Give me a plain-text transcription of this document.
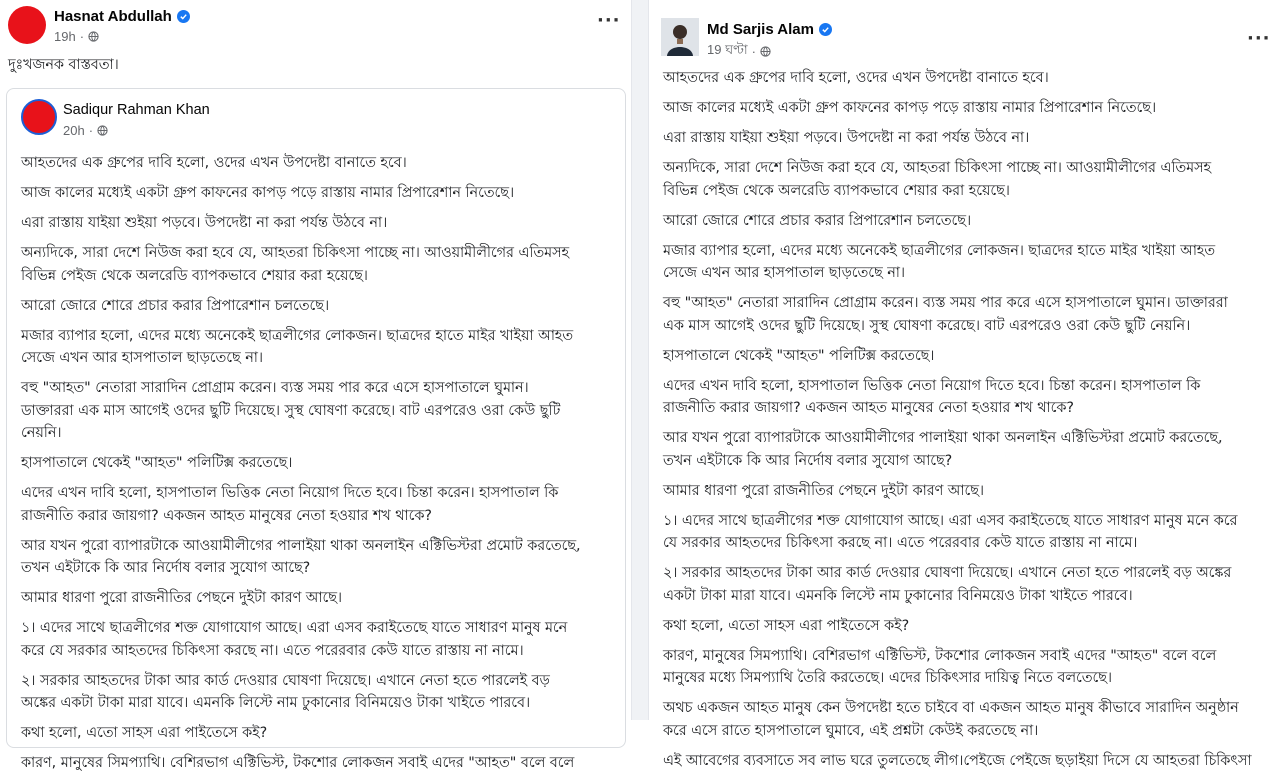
Hasnat Abdullah
19h ·
···

দুঃখজনক বাস্তবতা।

Sadiqur Rahman Khan
20h ·

আহতদের এক গ্রুপের দাবি হলো, ওদের এখন উপদেষ্টা বানাতে হবে।

আজ কালের মধ্যেই একটা গ্রুপ কাফনের কাপড় পড়ে রাস্তায় নামার প্রিপারেশান নিতেছে।

এরা রাস্তায় যাইয়া শুইয়া পড়বে। উপদেষ্টা না করা পর্যন্ত উঠবে না।

অন্যদিকে, সারা দেশে নিউজ করা হবে যে, আহতরা চিকিৎসা পাচ্ছে না। আওয়ামীলীগের এতিমসহ
বিভিন্ন পেইজ থেকে অলরেডি ব্যাপকভাবে শেয়ার করা হয়েছে।

আরো জোরে শোরে প্রচার করার প্রিপারেশান চলতেছে।

মজার ব্যাপার হলো, এদের মধ্যে অনেকেই ছাত্রলীগের লোকজন। ছাত্রদের হাতে মাইর খাইয়া আহত
সেজে এখন আর হাসপাতাল ছাড়তেছে না।

বহু "আহত" নেতারা সারাদিন প্রোগ্রাম করেন। ব্যস্ত সময় পার করে এসে হাসপাতালে ঘুমান।
ডাক্তাররা এক মাস আগেই ওদের ছুটি দিয়েছে। সুস্থ ঘোষণা করেছে। বাট এরপরেও ওরা কেউ ছুটি
নেয়নি।

হাসপাতালে থেকেই "আহত" পলিটিক্স করতেছে।

এদের এখন দাবি হলো, হাসপাতাল ভিত্তিক নেতা নিয়োগ দিতে হবে। চিন্তা করেন। হাসপাতাল কি
রাজনীতি করার জায়গা? একজন আহত মানুষের নেতা হওয়ার শখ থাকে?

আর যখন পুরো ব্যাপারটাকে আওয়ামীলীগের পালাইয়া থাকা অনলাইন এক্টিভিস্টরা প্রমোট করতেছে,
তখন এইটাকে কি আর নির্দোষ বলার সুযোগ আছে?

আমার ধারণা পুরো রাজনীতির পেছনে দুইটা কারণ আছে।

১। এদের সাথে ছাত্রলীগের শক্ত যোগাযোগ আছে। এরা এসব করাইতেছে যাতে সাধারণ মানুষ মনে
করে যে সরকার আহতদের চিকিৎসা করছে না। এতে পরেরবার কেউ যাতে রাস্তায় না নামে।

২। সরকার আহতদের টাকা আর কার্ড দেওয়ার ঘোষণা দিয়েছে। এখানে নেতা হতে পারলেই বড়
অঙ্কের একটা টাকা মারা যাবে। এমনকি লিস্টে নাম ঢুকানোর বিনিময়েও টাকা খাইতে পারবে।

কথা হলো, এতো সাহস এরা পাইতেসে কই?

কারণ, মানুষের সিমপ্যাথি। বেশিরভাগ এক্টিভিস্ট, টকশোর লোকজন সবাই এদের "আহত" বলে বলে

Md Sarjis Alam
19 ঘণ্টা ·
···

আহতদের এক গ্রুপের দাবি হলো, ওদের এখন উপদেষ্টা বানাতে হবে।

আজ কালের মধ্যেই একটা গ্রুপ কাফনের কাপড় পড়ে রাস্তায় নামার প্রিপারেশান নিতেছে।

এরা রাস্তায় যাইয়া শুইয়া পড়বে। উপদেষ্টা না করা পর্যন্ত উঠবে না।

অন্যদিকে, সারা দেশে নিউজ করা হবে যে, আহতরা চিকিৎসা পাচ্ছে না। আওয়ামীলীগের এতিমসহ
বিভিন্ন পেইজ থেকে অলরেডি ব্যাপকভাবে শেয়ার করা হয়েছে।

আরো জোরে শোরে প্রচার করার প্রিপারেশান চলতেছে।

মজার ব্যাপার হলো, এদের মধ্যে অনেকেই ছাত্রলীগের লোকজন। ছাত্রদের হাতে মাইর খাইয়া আহত
সেজে এখন আর হাসপাতাল ছাড়তেছে না।

বহু "আহত" নেতারা সারাদিন প্রোগ্রাম করেন। ব্যস্ত সময় পার করে এসে হাসপাতালে ঘুমান। ডাক্তাররা
এক মাস আগেই ওদের ছুটি দিয়েছে। সুস্থ ঘোষণা করেছে। বাট এরপরেও ওরা কেউ ছুটি নেয়নি।

হাসপাতালে থেকেই "আহত" পলিটিক্স করতেছে।

এদের এখন দাবি হলো, হাসপাতাল ভিত্তিক নেতা নিয়োগ দিতে হবে। চিন্তা করেন। হাসপাতাল কি
রাজনীতি করার জায়গা? একজন আহত মানুষের নেতা হওয়ার শখ থাকে?

আর যখন পুরো ব্যাপারটাকে আওয়ামীলীগের পালাইয়া থাকা অনলাইন এক্টিভিস্টরা প্রমোট করতেছে,
তখন এইটাকে কি আর নির্দোষ বলার সুযোগ আছে?

আমার ধারণা পুরো রাজনীতির পেছনে দুইটা কারণ আছে।

১। এদের সাথে ছাত্রলীগের শক্ত যোগাযোগ আছে। এরা এসব করাইতেছে যাতে সাধারণ মানুষ মনে করে
যে সরকার আহতদের চিকিৎসা করছে না। এতে পরেরবার কেউ যাতে রাস্তায় না নামে।

২। সরকার আহতদের টাকা আর কার্ড দেওয়ার ঘোষণা দিয়েছে। এখানে নেতা হতে পারলেই বড় অঙ্কের
একটা টাকা মারা যাবে। এমনকি লিস্টে নাম ঢুকানোর বিনিময়েও টাকা খাইতে পারবে।

কথা হলো, এতো সাহস এরা পাইতেসে কই?

কারণ, মানুষের সিমপ্যাথি। বেশিরভাগ এক্টিভিস্ট, টকশোর লোকজন সবাই এদের "আহত" বলে বলে
মানুষের মধ্যে সিমপ্যাথি তৈরি করতেছে। এদের চিকিৎসার দায়িত্ব নিতে বলতেছে।

অথচ একজন আহত মানুষ কেন উপদেষ্টা হতে চাইবে বা একজন আহত মানুষ কীভাবে সারাদিন অনুষ্ঠান
করে এসে রাতে হাসপাতালে ঘুমাবে, এই প্রশ্নটা কেউই করতেছে না।

এই আবেগের ব্যবসাতে সব লাভ ঘরে তুলতেছে লীগ।পেইজে পেইজে ছড়াইয়া দিসে যে আহতরা চিকিৎসা
